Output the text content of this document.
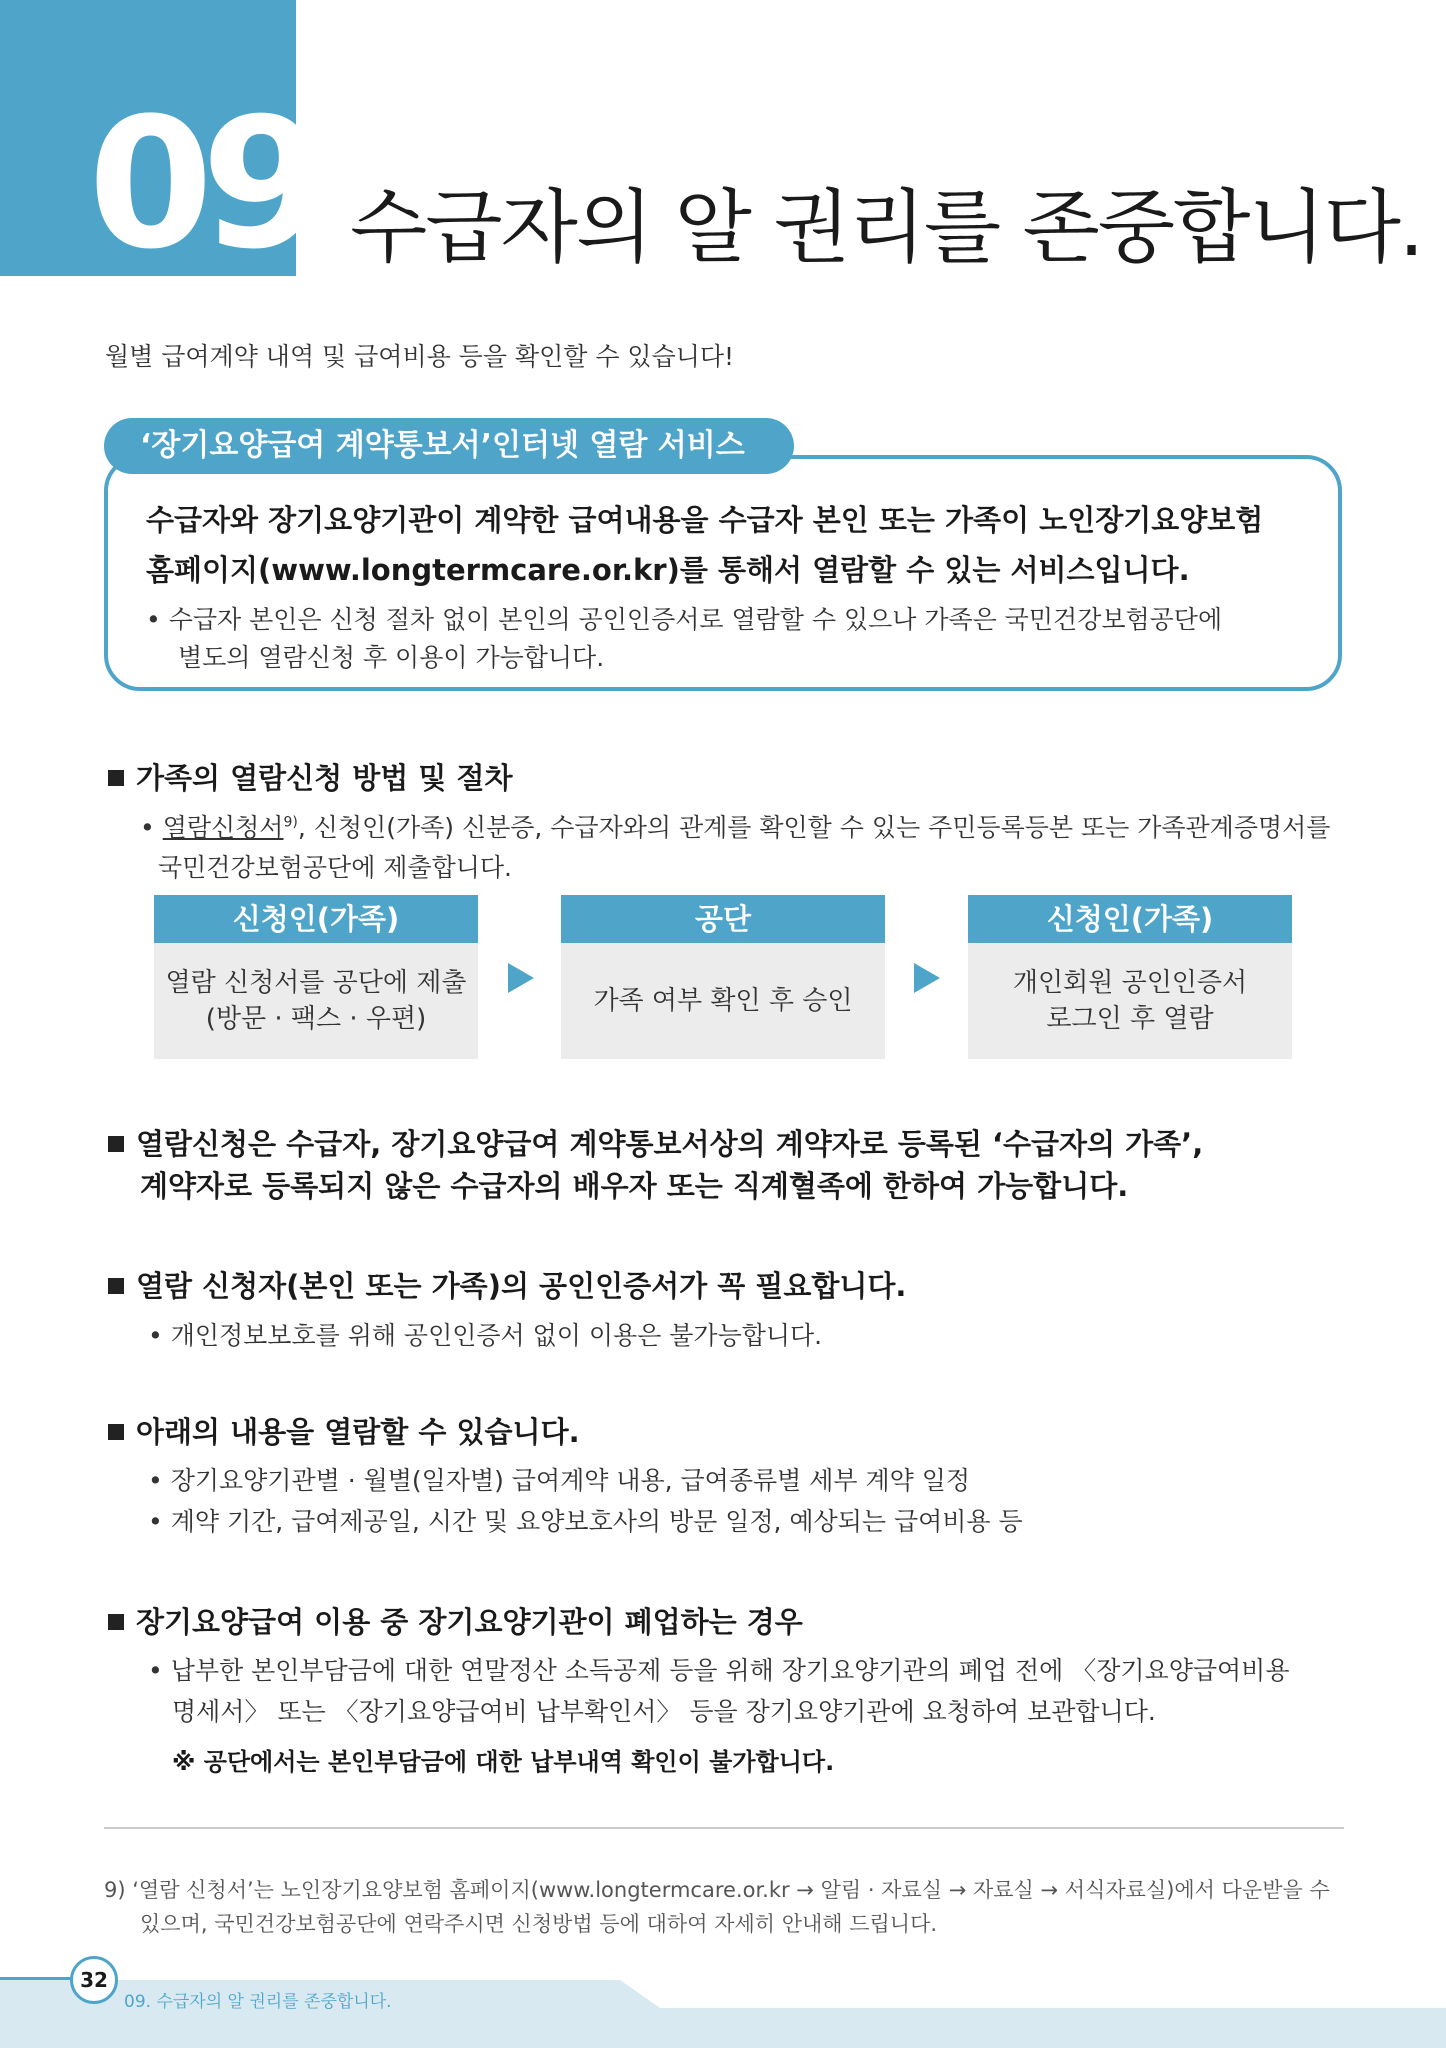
09 수급자의 알 권리를 존중합니다.
월별 급여계약 내역 및 급여비용 등을 확인할 수 있습니다!
‘장기요양급여 계약통보서’인터넷 열람 서비스
수급자와 장기요양기관이 계약한 급여내용을 수급자 본인 또는 가족이 노인장기요양보험
홈페이지(www.longtermcare.or.kr)를 통해서 열람할 수 있는 서비스입니다.
• 수급자 본인은 신청 절차 없이 본인의 공인인증서로 열람할 수 있으나 가족은 국민건강보험공단에
별도의 열람신청 후 이용이 가능합니다.
가족의 열람신청 방법 및 절차
• 열람신청서$^{9)}$, 신청인(가족) 신분증, 수급자와의 관계를 확인할 수 있는 주민등록등본 또는 가족관계증명서를
국민건강보험공단에 제출합니다.
신청인(가족)
열람 신청서를 공단에 제출
(방문 · 팩스 · 우편)
공단
가족 여부 확인 후 승인
신청인(가족)
개인회원 공인인증서
로그인 후 열람
열람신청은 수급자, 장기요양급여 계약통보서상의 계약자로 등록된 ‘수급자의 가족’,
계약자로 등록되지 않은 수급자의 배우자 또는 직계혈족에 한하여 가능합니다.
열람 신청자(본인 또는 가족)의 공인인증서가 꼭 필요합니다.
• 개인정보보호를 위해 공인인증서 없이 이용은 불가능합니다.
아래의 내용을 열람할 수 있습니다.
• 장기요양기관별 · 월별(일자별) 급여계약 내용, 급여종류별 세부 계약 일정
• 계약 기간, 급여제공일, 시간 및 요양보호사의 방문 일정, 예상되는 급여비용 등
장기요양급여 이용 중 장기요양기관이 폐업하는 경우
• 납부한 본인부담금에 대한 연말정산 소득공제 등을 위해 장기요양기관의 폐업 전에 〈장기요양급여비용
명세서〉 또는 〈장기요양급여비 납부확인서〉 등을 장기요양기관에 요청하여 보관합니다.
※ 공단에서는 본인부담금에 대한 납부내역 확인이 불가합니다.
9) ‘열람 신청서’는 노인장기요양보험 홈페이지(www.longtermcare.or.kr → 알림 · 자료실 → 자료실 → 서식자료실)에서 다운받을 수
있으며, 국민건강보험공단에 연락주시면 신청방법 등에 대하여 자세히 안내해 드립니다.
32
09. 수급자의 알 권리를 존중합니다.
